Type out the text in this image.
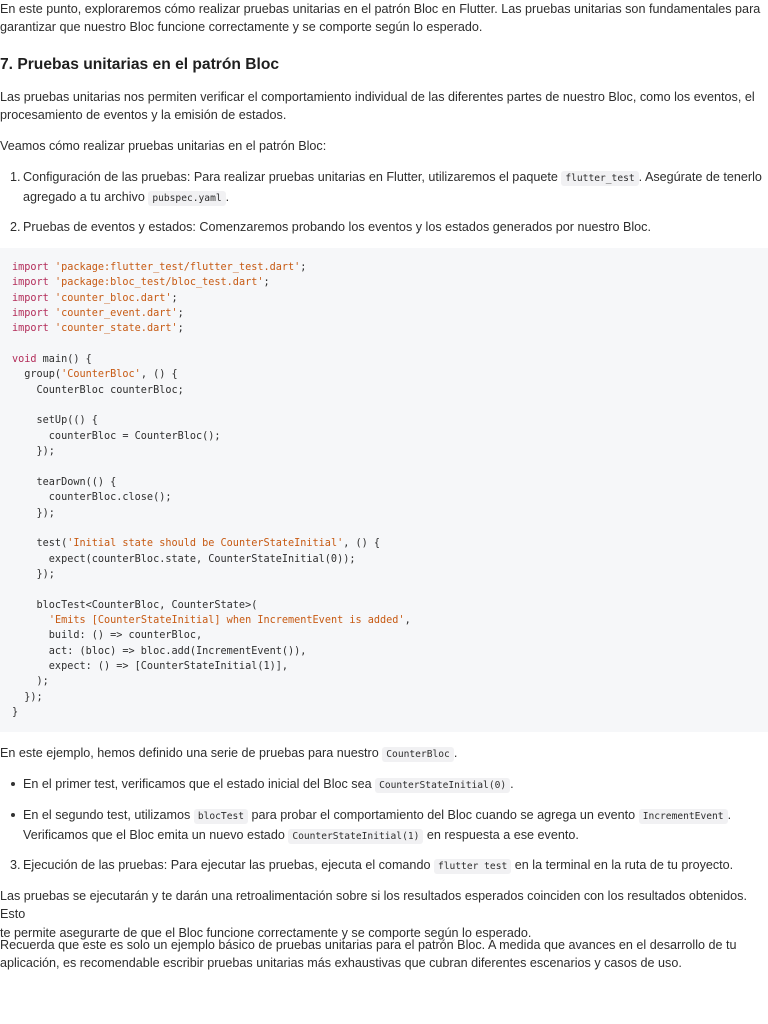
En este punto, exploraremos cómo realizar pruebas unitarias en el patrón Bloc en Flutter. Las pruebas unitarias son fundamentales para
garantizar que nuestro Bloc funcione correctamente y se comporte según lo esperado.

7. Pruebas unitarias en el patrón Bloc

Las pruebas unitarias nos permiten verificar el comportamiento individual de las diferentes partes de nuestro Bloc, como los eventos, el
procesamiento de eventos y la emisión de estados.

Veamos cómo realizar pruebas unitarias en el patrón Bloc:

1. Configuración de las pruebas: Para realizar pruebas unitarias en Flutter, utilizaremos el paquete flutter_test . Asegúrate de tenerlo
agregado a tu archivo pubspec.yaml .
2. Pruebas de eventos y estados: Comenzaremos probando los eventos y los estados generados por nuestro Bloc.
import 'package:flutter_test/flutter_test.dart';
import 'package:bloc_test/bloc_test.dart';
import 'counter_bloc.dart';
import 'counter_event.dart';
import 'counter_state.dart';

void main() {
group('CounterBloc', () {
CounterBloc counterBloc;

setUp(() {
counterBloc = CounterBloc();
});

tearDown(() {
counterBloc.close();
});

test('Initial state should be CounterStateInitial', () {
expect(counterBloc.state, CounterStateInitial(0));
});

blocTest<CounterBloc, CounterState>(
'Emits [CounterStateInitial] when IncrementEvent is added',
build: () => counterBloc,
act: (bloc) => bloc.add(IncrementEvent()),
expect: () => [CounterStateInitial(1)],
);
});
}

En este ejemplo, hemos definido una serie de pruebas para nuestro CounterBloc .

En el primer test, verificamos que el estado inicial del Bloc sea CounterStateInitial(0) .
En el segundo test, utilizamos blocTest para probar el comportamiento del Bloc cuando se agrega un evento IncrementEvent .
Verificamos que el Bloc emita un nuevo estado CounterStateInitial(1) en respuesta a ese evento.
3. Ejecución de las pruebas: Para ejecutar las pruebas, ejecuta el comando flutter test en la terminal en la ruta de tu proyecto.

Las pruebas se ejecutarán y te darán una retroalimentación sobre si los resultados esperados coinciden con los resultados obtenidos. Esto
te permite asegurarte de que el Bloc funcione correctamente y se comporte según lo esperado.

Recuerda que este es solo un ejemplo básico de pruebas unitarias para el patrón Bloc. A medida que avances en el desarrollo de tu
aplicación, es recomendable escribir pruebas unitarias más exhaustivas que cubran diferentes escenarios y casos de uso.
